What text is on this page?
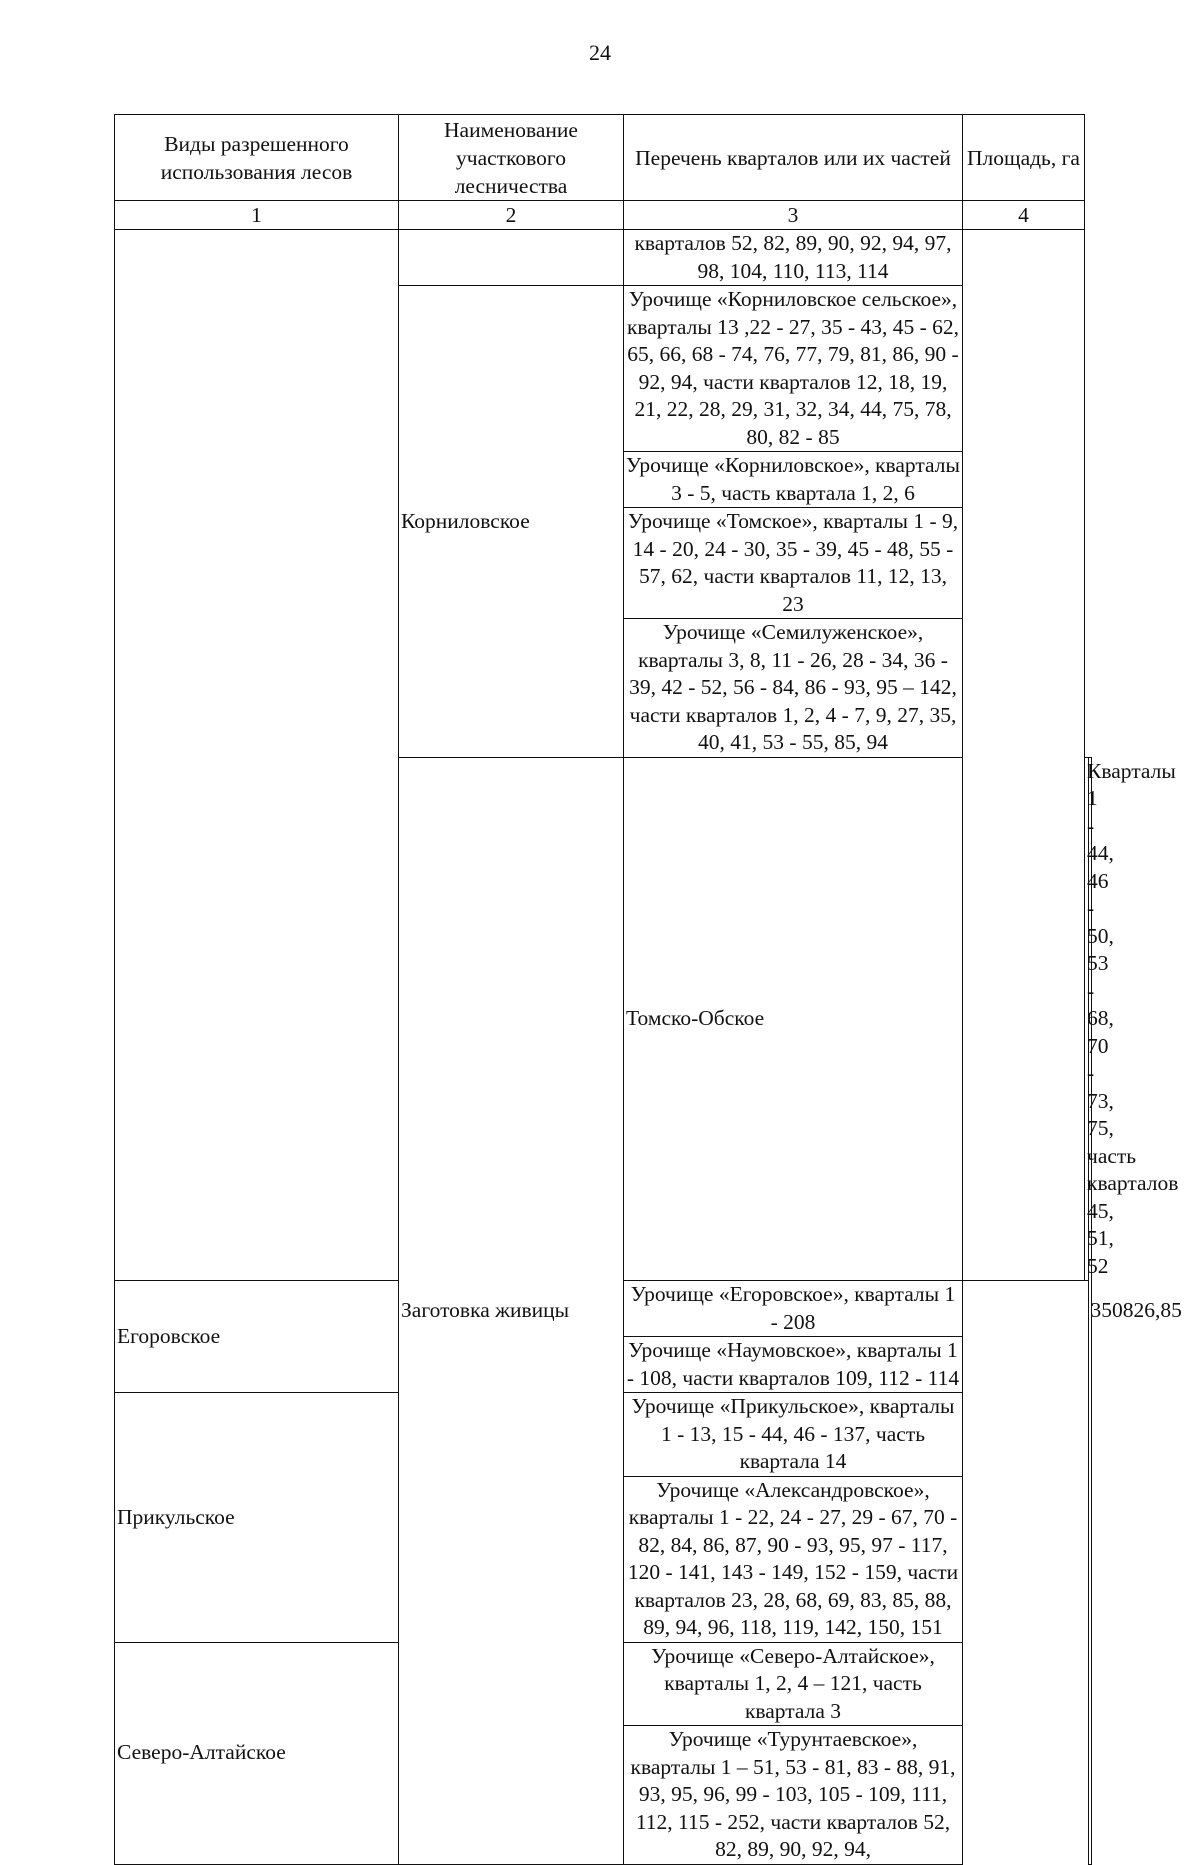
24
Виды разрешенного использования лесов	Наименование участкового лесничества	Перечень кварталов или их частей	Площадь, га		
1	2	3	4		
		кварталов 52, 82, 89, 90, 92, 94, 97, 98, 104, 110, 113, 114			
	Корниловское	Урочище «Корниловское сельское», кварталы 13 ,22 - 27, 35 - 43, 45 - 62, 65, 66, 68 - 74, 76, 77, 79, 81, 86, 90 - 92, 94, части кварталов 12, 18, 19, 21, 22, 28, 29, 31, 32, 34, 44, 75, 78, 80, 82 - 85			
		Урочище «Корниловское», кварталы 3 - 5, часть квартала 1, 2, 6			
		Урочище «Томское», кварталы 1 - 9, 14 - 20, 24 - 30, 35 - 39, 45 - 48, 55 - 57, 62, части кварталов 11, 12, 13, 23			
		Урочище «Семилуженское», кварталы 3, 8, 11 - 26, 28 - 34, 36 - 39, 42 - 52, 56 - 84, 86 - 93, 95 – 142, части кварталов 1, 2, 4 - 7, 9, 27, 35, 40, 41, 53 - 55, 85, 94			
	Заготовка живицы	Томско-Обское		Кварталы 1 - 44, 46 - 50, 53 - 68, 70 - 73, 75, часть кварталов 45, 51, 52	350826,85
Егоровское		Урочище «Егоровское», кварталы 1 - 208			
		Урочище «Наумовское», кварталы 1 - 108, части кварталов 109, 112 - 114			
Прикульское		Урочище «Прикульское», кварталы 1 - 13, 15 - 44, 46 - 137, часть квартала 14			
		Урочище «Александровское», кварталы 1 - 22, 24 - 27, 29 - 67, 70 - 82, 84, 86, 87, 90 - 93, 95, 97 - 117, 120 - 141, 143 - 149, 152 - 159, части кварталов 23, 28, 68, 69, 83, 85, 88, 89, 94, 96, 118, 119, 142, 150, 151			
Северо-Алтайское		Урочище «Северо-Алтайское», кварталы 1, 2, 4 – 121, часть квартала 3			
		Урочище «Турунтаевское», кварталы 1 – 51, 53 - 81, 83 - 88, 91, 93, 95, 96, 99 - 103, 105 - 109, 111, 112, 115 - 252, части кварталов 52, 82, 89, 90, 92, 94,			
